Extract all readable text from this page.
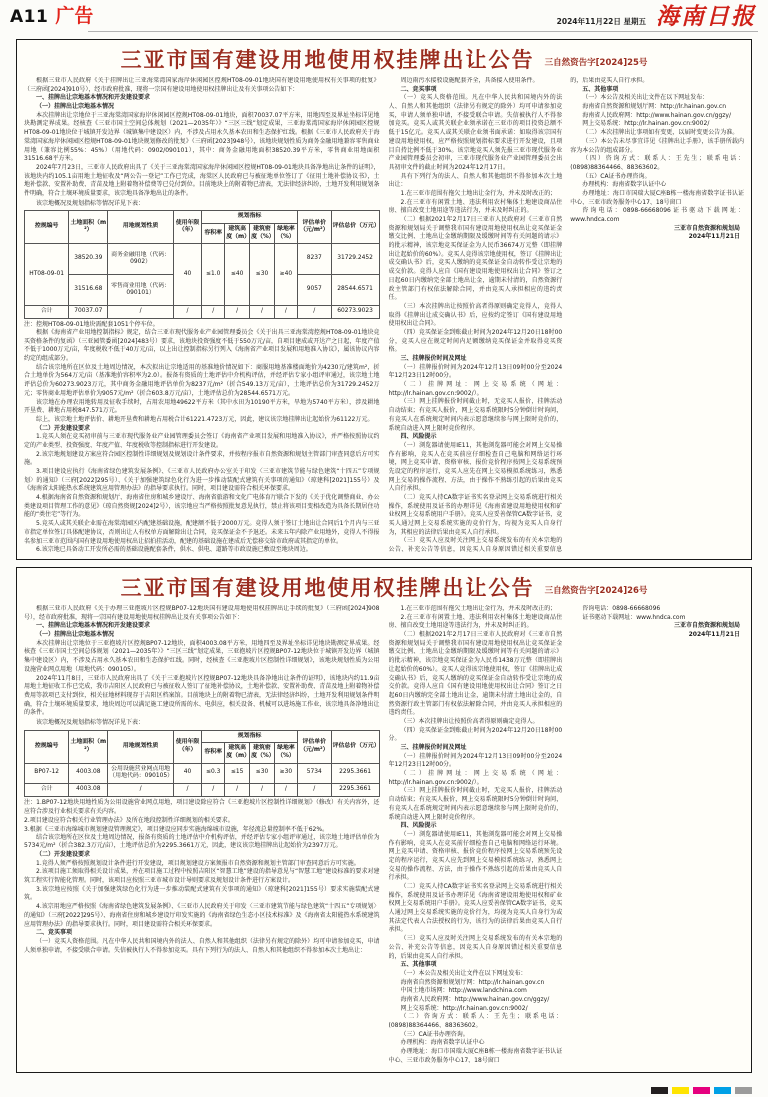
A11 广告	2024年11月22日 星期五 海南日报
三亚市国有建设用地使用权挂牌出让公告 三自然资告字[2024]25号

根据三亚市人民政府《关于挂牌出让三亚海棠湾国家海岸休闲园区控规HT08-09-01地块国有建设用地使用权有关事项的批复》（三府函[2024]910号），经市政府批准，现将一宗国有建设用地使用权挂牌出让及有关事项公告如下：

一、挂牌出让宗地基本情况和开发建设要求

（一）挂牌出让宗地基本情况

本次挂牌出让宗地位于三亚海棠湾国家海岸休闲园区控规HT08-09-01地块，面积70037.07平方米，用地四至及界址坐标详见地块勘测定界成果。经核查《三亚市国土空间总体规划（2021—2035年）》“三区三线”划定成果，三亚海棠湾国家海岸休闲园区控规HT08-09-01地块位于城镇开发边界（城镇集中建设区）内，不涉及占用永久基本农田和生态保护红线。根据《三亚市人民政府关于海棠湾国家海岸休闲园区控规HT08-09-01地块规划修改的批复》（三府函[2023]948号），该地块规划性质为商务金融用地兼容零售商业用地（兼容比例55%：45%）（用地代码：0902/090101），其中：商务金融用地面积38520.39平方米，零售商业用地面积31516.68平方米。

2024年7月23日，三亚市人民政府出具了《关于三亚海棠湾国家海岸休闲园区控规HT08-09-01地块具备净地出让条件的证明》，该地块内约105.1亩用地土地征收及“两公告一登记”工作已完成，海棠区人民政府已与被征地单位签订了《征用土地补偿协议书》，土地补偿款、安置补助费、青苗及地上附着物补偿费等已兑付到位。目前地块上的附着物已清表，无法律经济纠纷，土地开发利用规划条件明确，符合土壤环境质量要求，该宗地具备净地出让的条件。

该宗地概况及规划指标等情况详见下表：

控规编号	土地面积（m²）	用地规划性质	使用年限（年）	规划指标				评估单价（元/m²）	评估总价（万元）
				容积率	建筑高度（m）	建筑密度（%）	绿地率（%）		
HT08-09-01	38520.39	商务金融用地（代码：0902）	40	≤1.0	≤40	≤30	≥40	8237	31729.2452
	31516.68	零售商业用地（代码：090101）						9057	28544.6571
合计	70037.07	/	/	/	/	/	/	/	60273.9023

注：控规HT08-09-01地块需配套1051个停车位。

根据《海南省产业用地控制指标》规定，结合三亚市现代服务业产业园管理委员会《关于出具三亚海棠湾控规HT08-09-01地块竞买资格条件的复函》（三亚园管委函[2024]483号）要求，该地块投资强度不低于550万元/亩，自项目建成或开达产之日起，年度产值不低于1000万元/亩，年度税收不低于40万元/亩，以上出让控制指标另行列入《海南省产业项目发展和用地准入协议》，属该协议内容约定的组成部分。

结合该宗地所在区位及土地周边情况，本次拟出让宗地适用的基准地价情况如下：商服用地基准楼面地价为4230元/建筑m²，折合土地单价为564万元/亩（基准地价容积率为2.0）。报备有资质的土地评估中介机构评估，并经评估专家小组评审通过，该宗地土地评估总价为60273.9023万元，其中商务金融用地评估单价为8237元/m²（折合549.13万元/亩），土地评估总价为31729.2452万元；零售商业用地评估单价为9057元/m²（折合603.8万元/亩），土地评估总价为28544.6571万元。

该宗地在办理农用地转用及征收手续时，占用农用地49622平方米（其中水田为10190平方米，旱地为5740平方米），涉及耕地开垦费、耕地占用税847.571万元。

综上，该宗地土地评估价、耕地开垦费和耕地占用税合计61221.4723万元，因此，建议该宗地挂牌出让起始价为61122万元。

（二）开发建设要求

1.竞买人须在竞买初审前与三亚市现代服务业产业园管理委员会签订《海南省产业项目发展和用地准入协议》，并严格按照协议约定的产业类型、投资强度、年度产值、年度税收等控制指标进行开发建设。

2.该宗地规划建设方案应符合园区控制性详细规划及规划设计条件要求，并按程序报市自然资源和规划主管部门审查同意后方可实施。

3.项目建设应执行《海南省绿色建筑发展条例》、《三亚市人民政府办公室关于印发〈三亚市建筑节能与绿色建筑“十四五”专项规划〉的通知》（三府[2022]295号）、《关于加强建筑绿色化行为进一步推动装配式建筑有关事项的通知》（琼建科[2021]155号）及《海南省太阳能热水系统建筑应用管理办法》的指导要求执行。同时，项目建设需符合相关环保要求。

4.根据海南省自然资源和规划厅、海南省住房和城乡建设厅、海南省旅游和文化广电体育厅联合下发的《关于优化调整商业、办公类建设项目管理工作的意见》（琼自然资规[2024]2号），该宗地应当严格按照批复意见执行，禁止将该项目变相改造为具备长期居住功能的“类住宅”等行为。

5.竞买人或其关联企业需在海棠湾园区内配建基础设施，配建额不低于2000万元。竞得人须于签订土地出让合同后1个月内与三亚市指定单位签订具体配建协议，否则出让人有权单方面解除出让合同，竞买保证金不予退还。未来五年内除产业用地外，竞得人不得报名参加三亚市范围内国有建设用地使用权出让招拍挂活动，配建的基础设施在建成后无偿移交给市政府或其指定的单位。

6.该宗地已具备动工开发所必需的基础设施配套条件，供水、供电、道路等市政设施已敷设至地块周边。

周边雨污水接驳设施配套齐全，具备接入使用条件。

二、竞买事项

（一）竞买人资格范围。凡在中华人民共和国境内外的法人、自然人和其他组织（法律另有规定的除外）均可申请参加竞买，申请人须单独申请，不接受联合申请。失信被执行人不得参加竞买。竞买人或其关联企业须承诺在三亚市的项目投资总额不低于15亿元。竞买人或其关联企业须书面承诺：如取得该宗国有建设用地使用权，应严格按照规划指标要求进行开发建设，且项目自持比例不低于30%。该宗地竞买人须先报三亚市现代服务业产业园管理委员会初审，三亚市现代服务业产业园管理委员会出具初审文件的截止时间为2024年12月17日。

具有下列行为的法人、自然人和其他组织不得参加本次土地出让：

1.在三亚市范围有拖欠土地出让金行为，并未及时改正的；

2.在三亚市有闲置土地、违法利用农村集体土地建设商品住房、擅自改变土地用途等违法行为，并未及时纠正的。

（二）根据2021年2月17日三亚市人民政府对《三亚市自然资源和规划局关于调整我市国有建设用地使用权出让竞买保证金缴交比例、土地出让金缴纳期限及缓缴时间等有关问题的请示》的批示精神，该宗地竞买保证金为人民币36674万元整（即挂牌出让起始价的60%）。竞买人竞得该宗地使用权，签订《挂牌出让成交确认书》后，竞买人缴纳的竞买保证金自动转作受让宗地的成交价款。竞得人应自《国有建设用地使用权出让合同》签订之日起60日内缴纳完全部土地出让金，逾期未付清的，自然资源行政主管部门有权依法解除合同，并由竞买人承担相应的违约责任。

（三）本次挂牌出让按照价高者得原则确定竞得人，竞得人取得《挂牌出让成交确认书》后，应按约定签订《国有建设用地使用权出让合同》。

（四）竞买保证金到账截止时间为2024年12月20日18时00分，竞买人应在规定时间内足额缴纳竞买保证金并取得竞买资格。

三、挂牌报价时间及网址

（一）挂牌报价时间为2024年12月13日09时00分至2024年12月23日12时00分。

（二）挂牌网址：网上交易系统（网址：http://lr.hainan.gov.cn:9002/）。

（三）网上挂牌报价时间截止时，无竞买人报价，挂牌活动自动结束；有竞买人报价，网上交易系统限时5分钟倒计时询问，有竞买人在系统规定时间内表示愿意继续参与网上限时竞价的，系统自动进入网上限时竞价程序。

四、风险提示

（一）浏览器请使用IE11，其他浏览器可能会对网上交易操作有影响，竞买人在竞买前应仔细检查自己电脑和网络运行环境，网上竞买申请、资格审核、报价竞价程序按网上交易系统预先设定的程序运行，竞买人应先在网上交易模拟系统练习，熟悉网上交易的操作流程、方法，由于操作不熟练引起的后果由竞买人自行承担。

（二）竞买人持CA数字证书实名登录网上交易系统进行相关操作，系统使用及证书的办理详见《海南省建设用地使用权和矿业权网上交易系统用户手册》。竞买人应妥善保管CA数字证书，竞买人通过网上交易系统实施的竞价行为，均视为竞买人自身行为，其相应的法律后果由竞买人自行承担。

（三）竞买人应及时关注网上交易系统发布的有关本宗地的公告、补充公告等信息，因竞买人自身原因错过相关重要信息的，后果由竞买人自行承担。

五、其他事项

（一）本公告及相关出让文件在以下网址发布：

海南省自然资源和规划厅网：http://lr.hainan.gov.cn

海南省人民政府网：http://www.hainan.gov.cn/ggzy/

网上交易系统：http://lr.hainan.gov.cn:9002/

（二）本次挂牌出让事项如有变更，以届时变更公告为准。

（三）本公告未尽事宜详见《挂牌出让手册》，该手册所载内容为本公告的组成部分。

（四）咨询方式：联系人：王先生；联系电话：(0898)88364466、88363602。

（五）CA证书办理咨询。

办理机构：海南省数字认证中心

办理地址：海口市国瑞大厦C座B栋一楼海南省数字证书认证中心、三亚市政务服务中心17、18号窗口

咨询电话：0898-66668096证书驱动下载网址：www.hndca.com

三亚市自然资源和规划局

2024年11月21日

三亚市国有建设用地使用权挂牌出让公告 三自然资告字[2024]26号

根据三亚市人民政府《关于办理三亚抱坡片区控规BP07-12地块国有建设用地使用权挂牌出让手续的批复》（三府函[2024]908号），经市政府批准，现将一宗国有建设用地使用权挂牌出让及有关事项公告如下：

一、挂牌出让宗地基本情况和开发建设要求

（一）挂牌出让宗地基本情况

本次挂牌出让宗地位于三亚抱坡片区控规BP07-12地块，面积4003.08平方米，用地四至及界址坐标详见地块勘测定界成果。经核查《三亚市国土空间总体规划（2021—2035年）》“三区三线”划定成果，三亚抱坡片区控规BP07-12地块位于城镇开发边界（城镇集中建设区）内，不涉及占用永久基本农田和生态保护红线。同时，经核查《三亚抱坡片区控制性详细规划》，该地块规划性质为公用设施营业网点用地（用地代码：090105）。

2024年11月8日，三亚市人民政府出具了《关于三亚抱坡片区控规BP07-12地块具备净地出让条件的证明》，该地块内约11.9亩用地土地征收工作已完成，我市吉阳区人民政府已与被征收人签订了征地补偿协议，土地补偿款、安置补助费、青苗及地上附着物补偿费用等款项已支付到位，相关征地材料现存于吉阳区档案馆。目前地块上的附着物已清表，无法律经济纠纷，土地开发利用规划条件明确，符合土壤环境质量要求，地块周边可以满足施工建设所需的水、电供应，相关设备、机械可以进场施工作业，该宗地具备净地出让的条件。

该宗地概况及规划指标等情况详见下表：

控规编号	土地面积（m²）	用地规划性质	使用年限（年）	规划指标				评估单价（元/m²）	评估总价（万元）
				容积率	建筑高度（m）	建筑密度（%）	绿地率（%）		
BP07-12	4003.08	公用设施营业网点用地（用地代码：090105）	40	≤0.3	≤15	≤30	≥30	5734	2295.3661
合计	4003.08	/	/	/	/	/	/	/	2295.3661

注：1.BP07-12地块用地性质为公用设施营业网点用地，项目建设除应符合《三亚抱坡片区控制性详细规划》（修改）有关内容外，还应符合涉及行业相关要求有关内容。

2.项目建设应符合相关行业管理办法》及所在地段控制性详细规划的相关要求。

3.根据《三亚市海绵城市规划建设管理规定》，项目建设应同步实施海绵城市设施，年径流总量控制率不低于62%。

结合该宗地所在区位及土地周边情况，报备有资质的土地评估中介机构评估，并经评估专家小组评审通过，该宗地土地评估单价为5734元/m²（折合382.3万元/亩），土地评估总价为2295.3661万元，因此，建议该宗地挂牌出让起始价为2397万元。

（二）开发建设要求

1.竞得人须严格按照规划设计条件进行开发建设，项目规划建设方案须报市自然资源和规划主管部门审查同意后方可实施。

2.该项目施工须取得相关设计成果，并在项目施工过程中按照吉阳区“智慧工地”建设的指导意见与“智慧工地”建设标准的要求对建筑工程实行智能化管理。同时，该项目应按照三亚市城市设计导则要求及规划设计条件进行方案设计。

3.该宗地应按照《关于加强建筑绿色化行为进一步推动装配式建筑有关事项的通知》（琼建科[2021]155号）要求实施装配式建筑。

4.该宗用地应严格按照《海南省绿色建筑发展条例》、《三亚市人民政府关于印发〈三亚市建筑节能与绿色建筑“十四五”专项规划〉的通知》（三府[2022]295号）、海南省住房和城乡建设厅印发实施的《海南省绿色生态小区技术标准》及《海南省太阳能热水系统建筑应用管理办法》的指导要求执行。同时，项目建设需符合相关环保要求。

二、竞买事项

（一）竞买人资格范围。凡在中华人民共和国境内外的法人、自然人和其他组织（法律另有规定的除外）均可申请参加竞买，申请人须单独申请，不接受联合申请。失信被执行人不得参加竞买。具有下列行为的法人、自然人和其他组织不得参加本次土地出让：

1.在三亚市范围有拖欠土地出让金行为，并未及时改正的；

2.在三亚市有闲置土地、违法利用农村集体土地建设商品住房、擅自改变土地用途等违法行为，并未及时纠正的。

（二）根据2021年2月17日三亚市人民政府对《三亚市自然资源和规划局关于调整我市国有建设用地使用权出让竞买保证金缴交比例、土地出让金缴纳期限及缓缴时间等有关问题的请示》的批示精神，该宗地竞买保证金为人民币1438万元整（即挂牌出让起始价的60%）。竞买人竞得该宗地使用权，签订《挂牌出让成交确认书》后，竞买人缴纳的竞买保证金自动转作受让宗地的成交价款。竞得人应自《国有建设用地使用权出让合同》签订之日起60日内缴纳完全部土地出让金，逾期未付清土地出让金的，自然资源行政主管部门有权依法解除合同，并由竞买人承担相应的违约责任。

（三）本次挂牌出让按照价高者得原则确定竞得人。

（四）竞买保证金到账截止时间为2024年12月20日18时00分。

三、挂牌报价时间及网址

（一）挂牌报价时间为2024年12月13日09时00分至2024年12月23日12时00分。

（二）挂牌网址：网上交易系统（网址：http://lr.hainan.gov.cn:9002/）。

（三）网上挂牌报价时间截止时，无竞买人报价，挂牌活动自动结束；有竞买人报价，网上交易系统限时5分钟倒计时询问，有竞买人在系统规定时间内表示愿意继续参与网上限时竞价的，系统自动进入网上限时竞价程序。

四、风险提示

（一）浏览器请使用IE11，其他浏览器可能会对网上交易操作有影响，竞买人在竞买前仔细检查自己电脑和网络运行环境。网上竞买申请、资格审核、报价竞价程序按网上交易系统预先设定的程序运行，竞买人应先到网上交易模拟系统练习，熟悉网上交易的操作流程、方法，由于操作不熟练引起的后果由竞买人自行承担。

（二）竞买人持CA数字证书实名登录网上交易系统进行相关操作，系统使用及证书办理详见《海南省建设用地使用权和矿业权网上交易系统用户手册》。竞买人应妥善保管CA数字证书，竞买人通过网上交易系统实施的竞价行为，均视为竞买人自身行为或其法定代表人合法授权的行为，该行为的法律后果由竞买人自行承担。

（三）竞买人应及时关注网上交易系统发布的有关本宗地的公告、补充公告等信息，因竞买人自身原因错过相关重要信息的，后果由竞买人自行承担。

五、其他事项

（一）本公告及相关出让文件在以下网址发布：

海南省自然资源和规划厅网：http://lr.hainan.gov.cn

中国土地市场网：http://www.landchina.com

海南省人民政府网：http://www.hainan.gov.cn/ggzy/

网上交易系统：http://lr.hainan.gov.cn:9002/

（二）咨询方式：联系人：王先生；联系电话：(0898)88364466、88363602。

（三）CA证书办理咨询。

办理机构：海南省数字认证中心

办理地址：海口市国瑞大厦C座B栋一楼海南省数字证书认证中心、三亚市政务服务中心17、18号窗口

咨询电话：0898-66668096

证书驱动下载网址：www.hndca.com

三亚市自然资源和规划局

2024年11月21日
